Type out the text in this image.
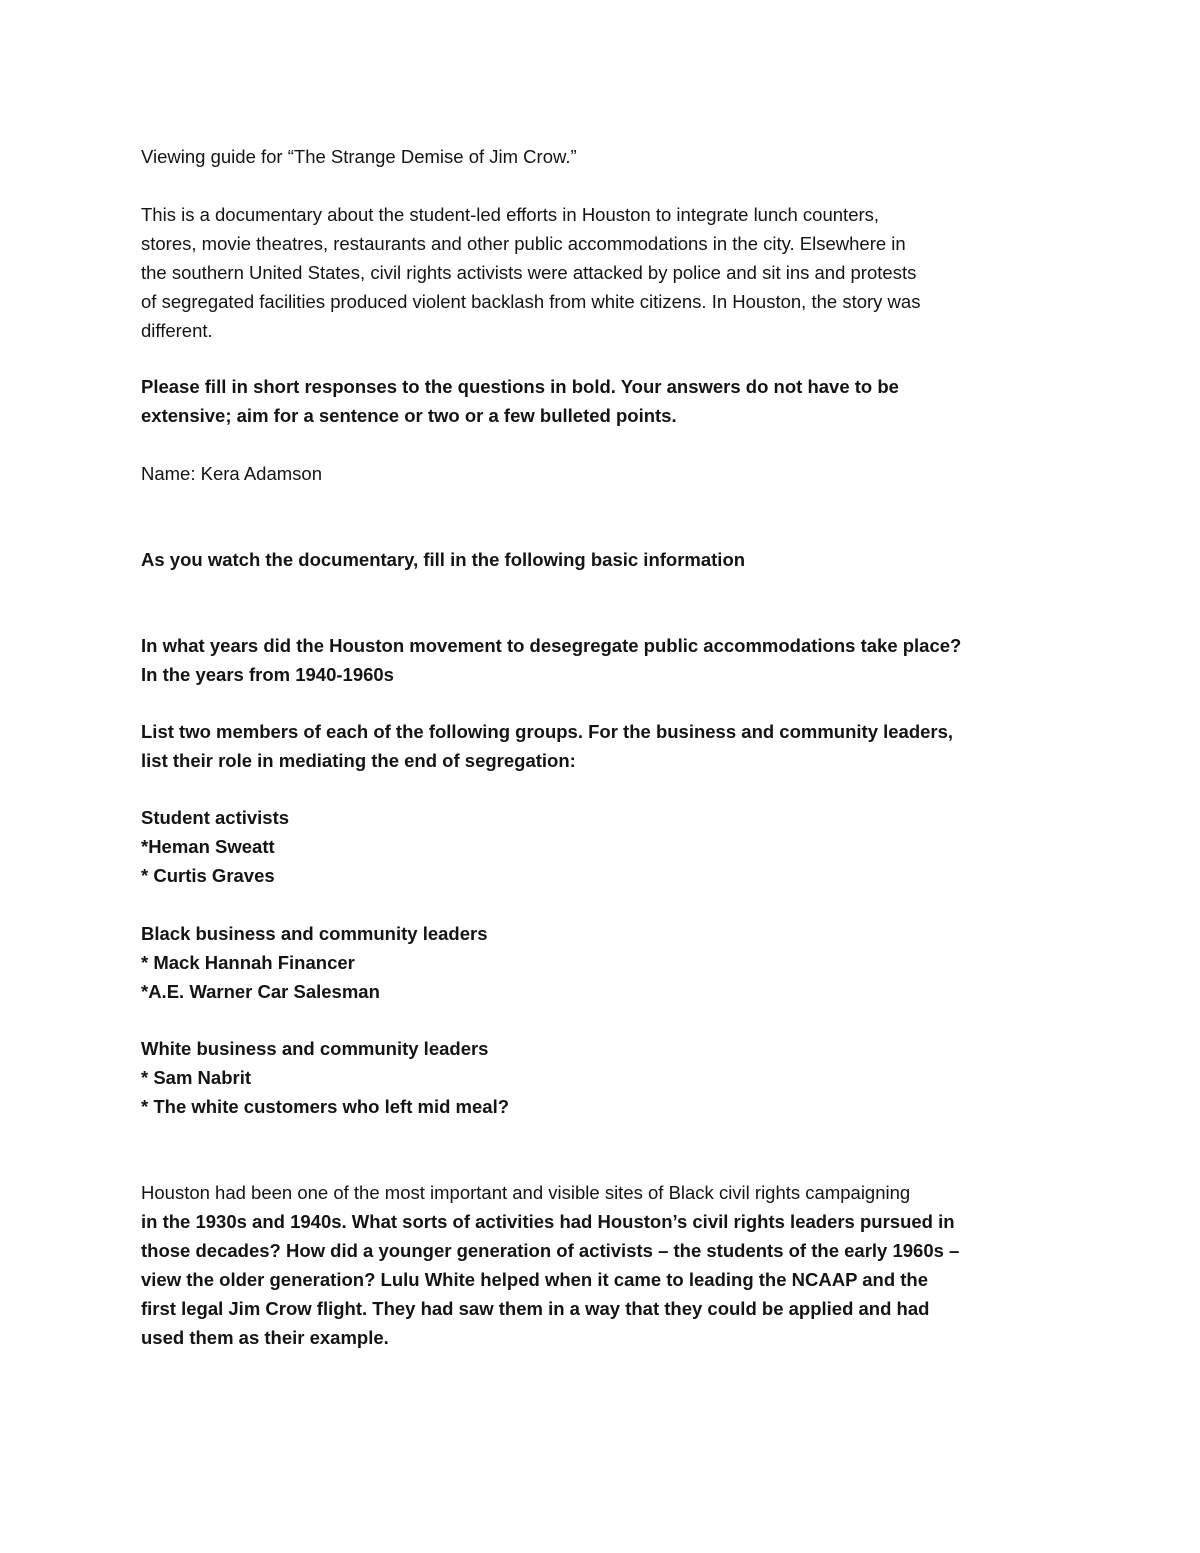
Viewing guide for “The Strange Demise of Jim Crow.”

This is a documentary about the student-led efforts in Houston to integrate lunch counters,
stores, movie theatres, restaurants and other public accommodations in the city. Elsewhere in
the southern United States, civil rights activists were attacked by police and sit ins and protests
of segregated facilities produced violent backlash from white citizens. In Houston, the story was
different.

Please fill in short responses to the questions in bold. Your answers do not have to be
extensive; aim for a sentence or two or a few bulleted points.

Name: Kera Adamson

As you watch the documentary, fill in the following basic information

In what years did the Houston movement to desegregate public accommodations take place?
In the years from 1940-1960s

List two members of each of the following groups. For the business and community leaders,
list their role in mediating the end of segregation:

Student activists
*Heman Sweatt
* Curtis Graves

Black business and community leaders
* Mack Hannah Financer
*A.E. Warner Car Salesman

White business and community leaders
* Sam Nabrit
* The white customers who left mid meal?

Houston had been one of the most important and visible sites of Black civil rights campaigning
in the 1930s and 1940s. What sorts of activities had Houston’s civil rights leaders pursued in
those decades? How did a younger generation of activists – the students of the early 1960s –
view the older generation? Lulu White helped when it came to leading the NCAAP and the
first legal Jim Crow flight. They had saw them in a way that they could be applied and had
used them as their example.
